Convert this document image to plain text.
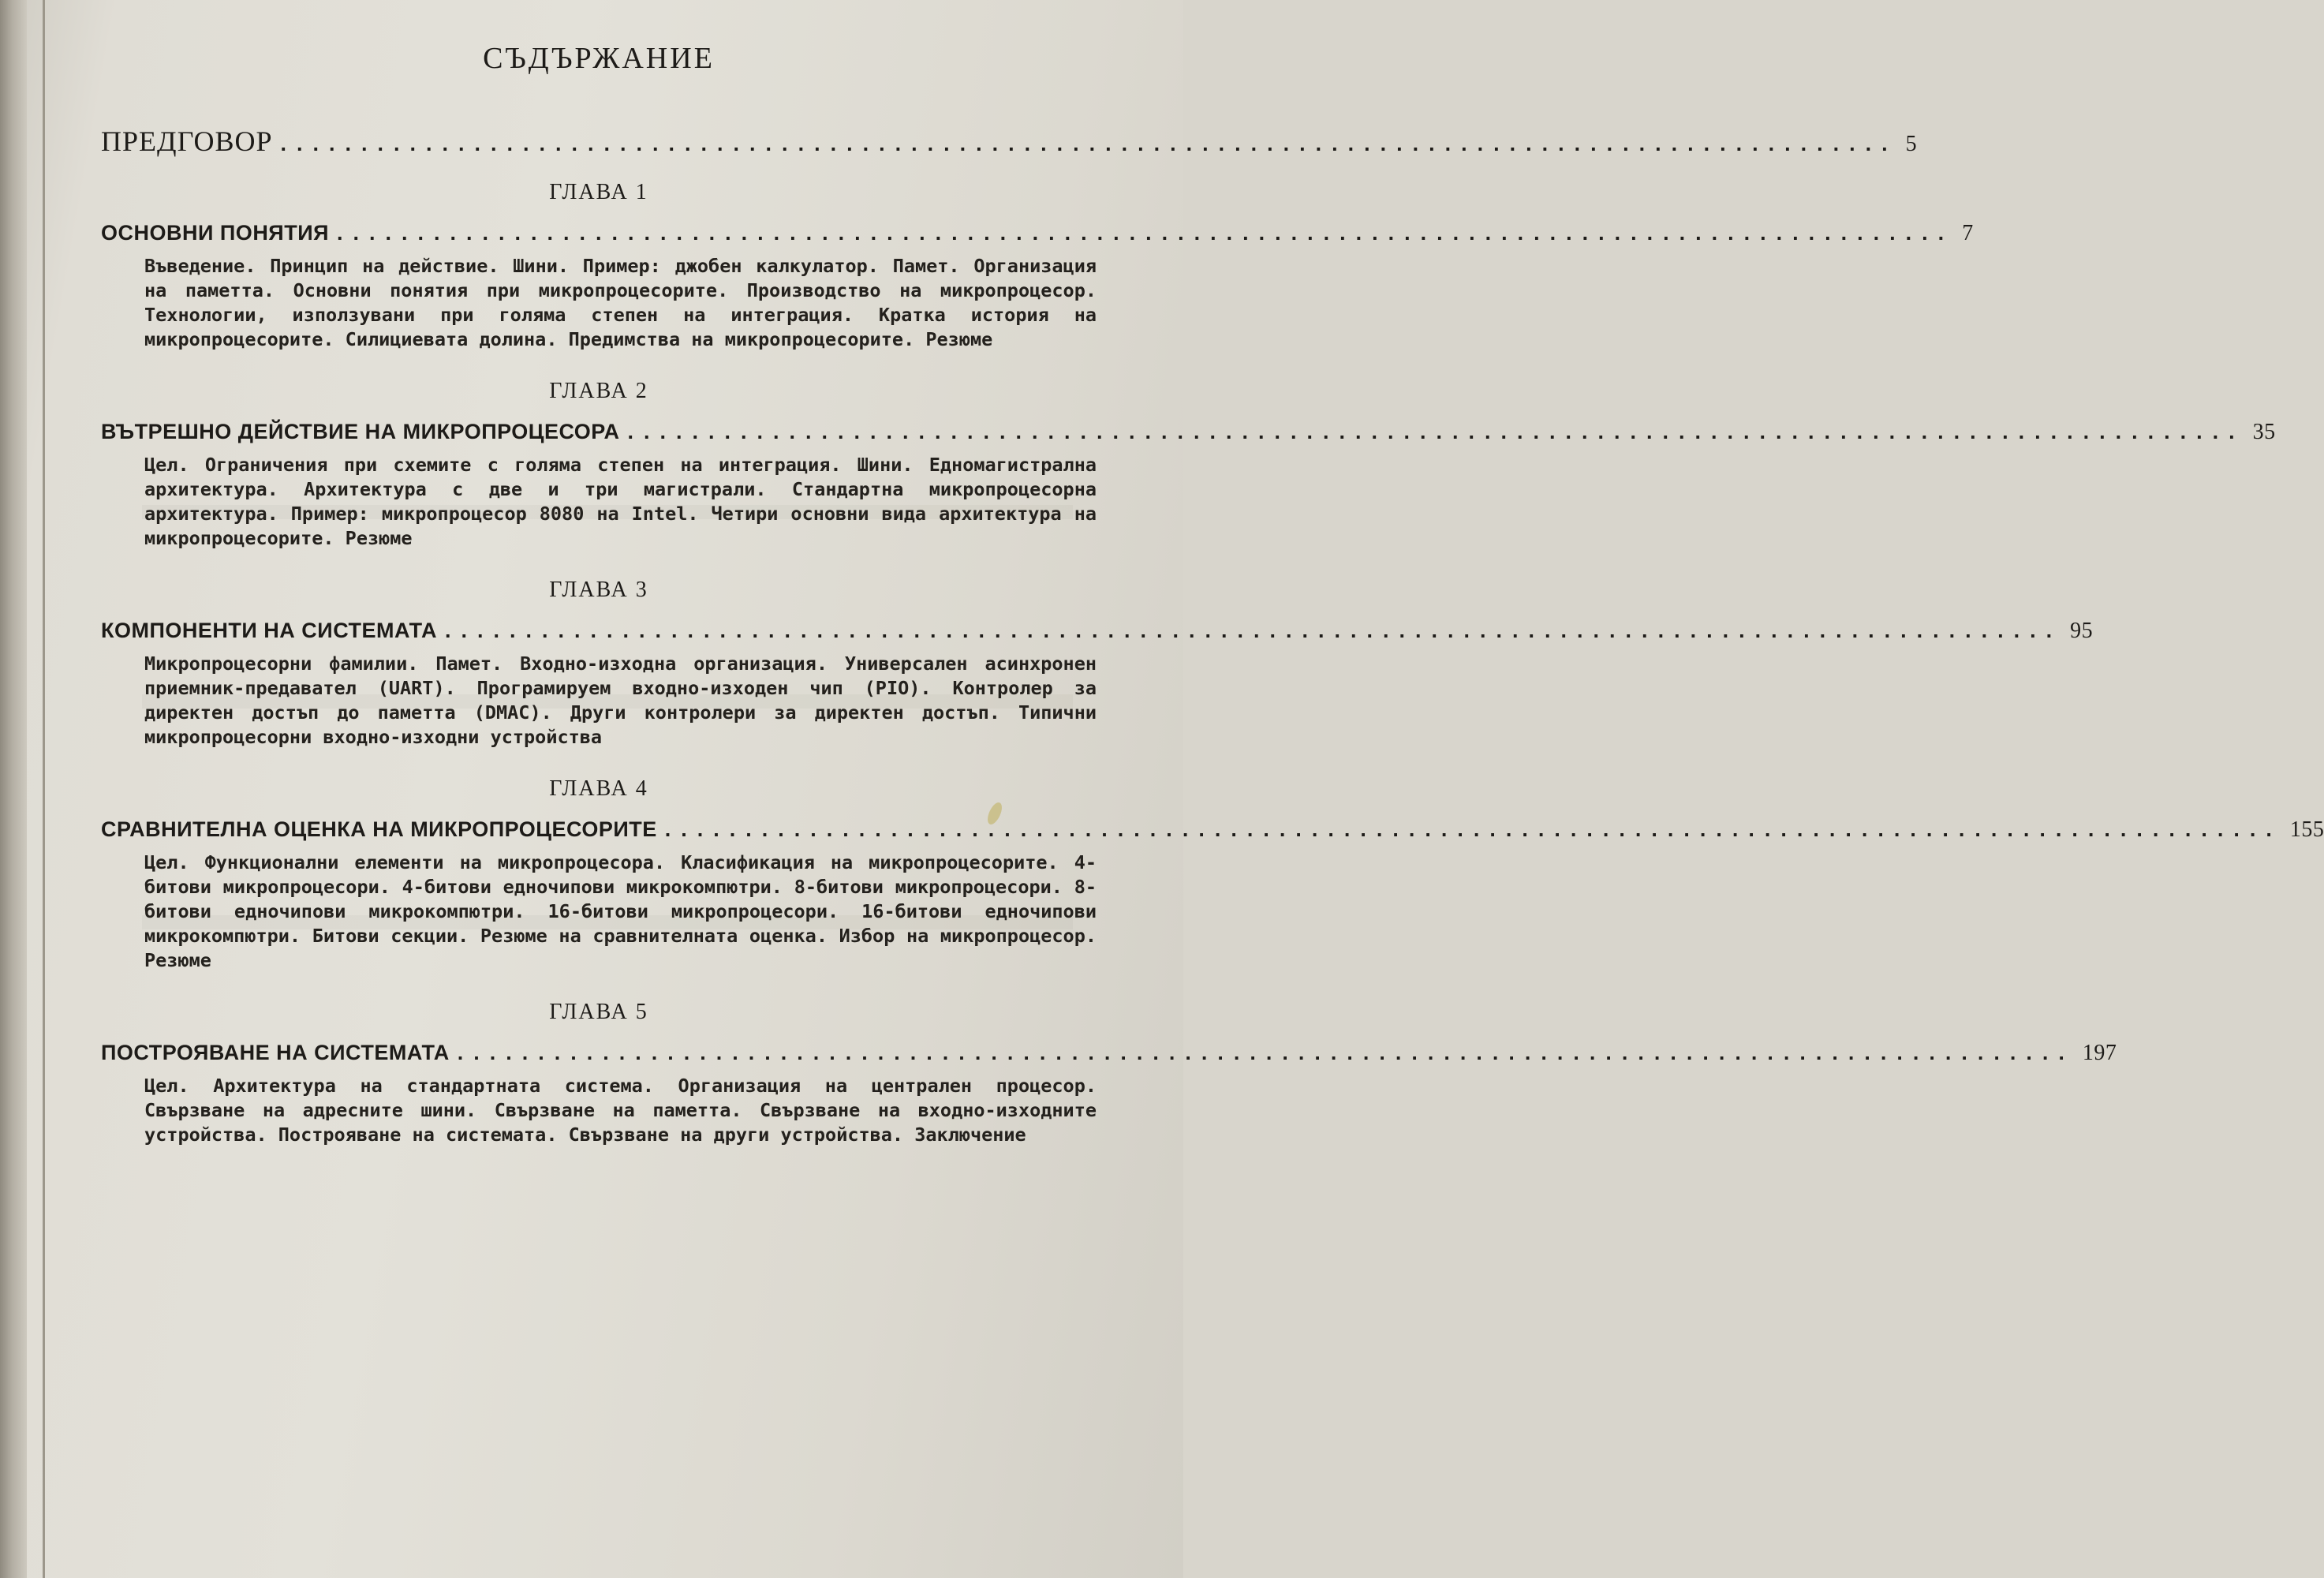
СЪДЪРЖАНИЕ
ПРЕДГОВОР .................................................................................................... 5
ГЛАВА 1
ОСНОВНИ ПОНЯТИЯ .................................................................................................... 7

Въведение. Принцип на действие. Шини. Пример: джобен калкулатор. Памет. Организация на паметта. Основни понятия при микропроцесорите. Производство на микропроцесор. Технологии, използувани при голяма степен на интеграция. Кратка история на микропроцесорите. Силициевата долина. Предимства на микропроцесорите. Резюме

ГЛАВА 2
ВЪТРЕШНО ДЕЙСТВИЕ НА МИКРОПРОЦЕСОРА .................................................................................................... 35

Цел. Ограничения при схемите с голяма степен на интеграция. Шини. Едномагистрална архитектура. Архитектура с две и три магистрали. Стандартна микропроцесорна архитектура. Пример: микропроцесор 8080 на Intel. Четири основни вида архитектура на микропроцесорите. Резюме

ГЛАВА 3
КОМПОНЕНТИ НА СИСТЕМАТА .................................................................................................... 95

Микропроцесорни фамилии. Памет. Входно-изходна организация. Универсален асинхронен приемник-предавател (UART). Програмируем входно-изходен чип (PIO). Контролер за директен достъп до паметта (DMAC). Други контролери за директен достъп. Типични микропроцесорни входно-изходни устройства

ГЛАВА 4
СРАВНИТЕЛНА ОЦЕНКА НА МИКРОПРОЦЕСОРИТЕ .................................................................................................... 155

Цел. Функционални елементи на микропроцесора. Класификация на микропроцесорите. 4-битови микропроцесори. 4-битови едночипови микрокомпютри. 8-битови микропроцесори. 8-битови едночипови микрокомпютри. 16-битови микропроцесори. 16-битови едночипови микрокомпютри. Битови секции. Резюме на сравнителната оценка. Избор на микропроцесор. Резюме

ГЛАВА 5
ПОСТРОЯВАНЕ НА СИСТЕМАТА .................................................................................................... 197

Цел. Архитектура на стандартната система. Организация на централен процесор. Свързване на адресните шини. Свързване на паметта. Свързване на входно-изходните устройства. Построяване на системата. Свързване на други устройства. Заключение
